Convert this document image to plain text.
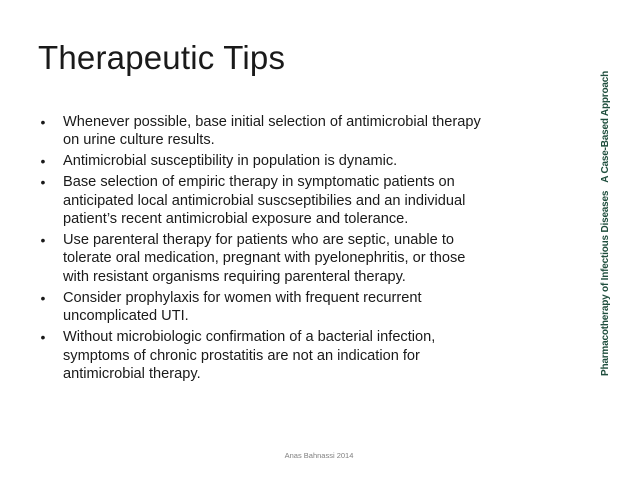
Therapeutic Tips
•	Whenever possible, base initial selection of antimicrobial therapy
on urine culture results.
•	Antimicrobial susceptibility in population is dynamic.
•	Base selection of empiric therapy in symptomatic patients on
anticipated local antimicrobial suscseptibilies and an individual
patient’s recent antimicrobial exposure and tolerance.
•	Use parenteral therapy for patients who are septic, unable to
tolerate oral medication, pregnant with pyelonephritis, or those
with resistant organisms requiring parenteral therapy.
•	Consider prophylaxis for women with frequent recurrent
uncomplicated UTI.
•	Without microbiologic confirmation of a bacterial infection,
symptoms of chronic prostatitis are not an indication for
antimicrobial therapy.	Pharmacotherapy of Infectious DiseasesA Case-Based Approach
Anas Bahnassi 2014
